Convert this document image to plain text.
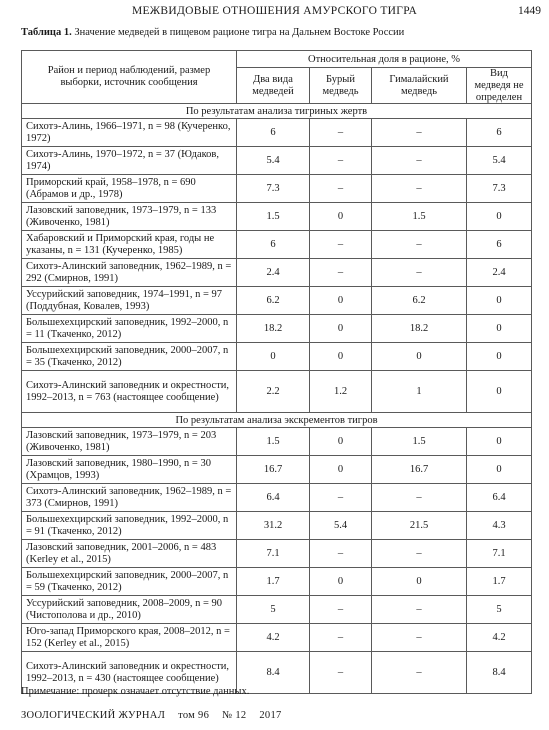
МЕЖВИДОВЫЕ ОТНОШЕНИЯ АМУРСКОГО ТИГРА	1449
Таблица 1. Значение медведей в пищевом рационе тигра на Дальнем Востоке России
Район и период наблюдений, размер выборки, источник сообщения	Относительная доля в рационе, %			
	Два вида медведей	Бурый медведь	Гималайский медведь	Вид медведя не определен
По результатам анализа тигриных жертв				
Сихотэ-Алинь, 1966–1971, n = 98 (Кучеренко, 1972)	6	–	–	6
Сихотэ-Алинь, 1970–1972, n = 37 (Юдаков, 1974)	5.4	–	–	5.4
Приморский край, 1958–1978, n = 690 (Абрамов и др., 1978)	7.3	–	–	7.3
Лазовский заповедник, 1973–1979, n = 133 (Живоченко, 1981)	1.5	0	1.5	0
Хабаровский и Приморский края, годы не указаны, n = 131 (Кучеренко, 1985)	6	–	–	6
Сихотэ-Алинский заповедник, 1962–1989, n = 292 (Смирнов, 1991)	2.4	–	–	2.4
Уссурийский заповедник, 1974–1991, n = 97 (Поддубная, Ковалев, 1993)	6.2	0	6.2	0
Большехехцирский заповедник, 1992–2000, n = 11 (Ткаченко, 2012)	18.2	0	18.2	0
Большехехцирский заповедник, 2000–2007, n = 35 (Ткаченко, 2012)	0	0	0	0
Сихотэ-Алинский заповедник и окрестности, 1992–2013, n = 763 (настоящее сообщение)	2.2	1.2	1	0
По результатам анализа экскрементов тигров				
Лазовский заповедник, 1973–1979, n = 203 (Живоченко, 1981)	1.5	0	1.5	0
Лазовский заповедник, 1980–1990, n = 30 (Храмцов, 1993)	16.7	0	16.7	0
Сихотэ-Алинский заповедник, 1962–1989, n = 373 (Смирнов, 1991)	6.4	–	–	6.4
Большехехцирский заповедник, 1992–2000, n = 91 (Ткаченко, 2012)	31.2	5.4	21.5	4.3
Лазовский заповедник, 2001–2006, n = 483 (Kerley et al., 2015)	7.1	–	–	7.1
Большехехцирский заповедник, 2000–2007, n = 59 (Ткаченко, 2012)	1.7	0	0	1.7
Уссурийский заповедник, 2008–2009, n = 90 (Чистополова и др., 2010)	5	–	–	5
Юго-запад Приморского края, 2008–2012, n = 152 (Kerley et al., 2015)	4.2	–	–	4.2
Сихотэ-Алинский заповедник и окрестности, 1992–2013, n = 430 (настоящее сообщение)	8.4	–	–	8.4
Примечание: прочерк означает отсутствие данных.
ЗООЛОГИЧЕСКИЙ ЖУРНАЛ том 96 № 12 2017
